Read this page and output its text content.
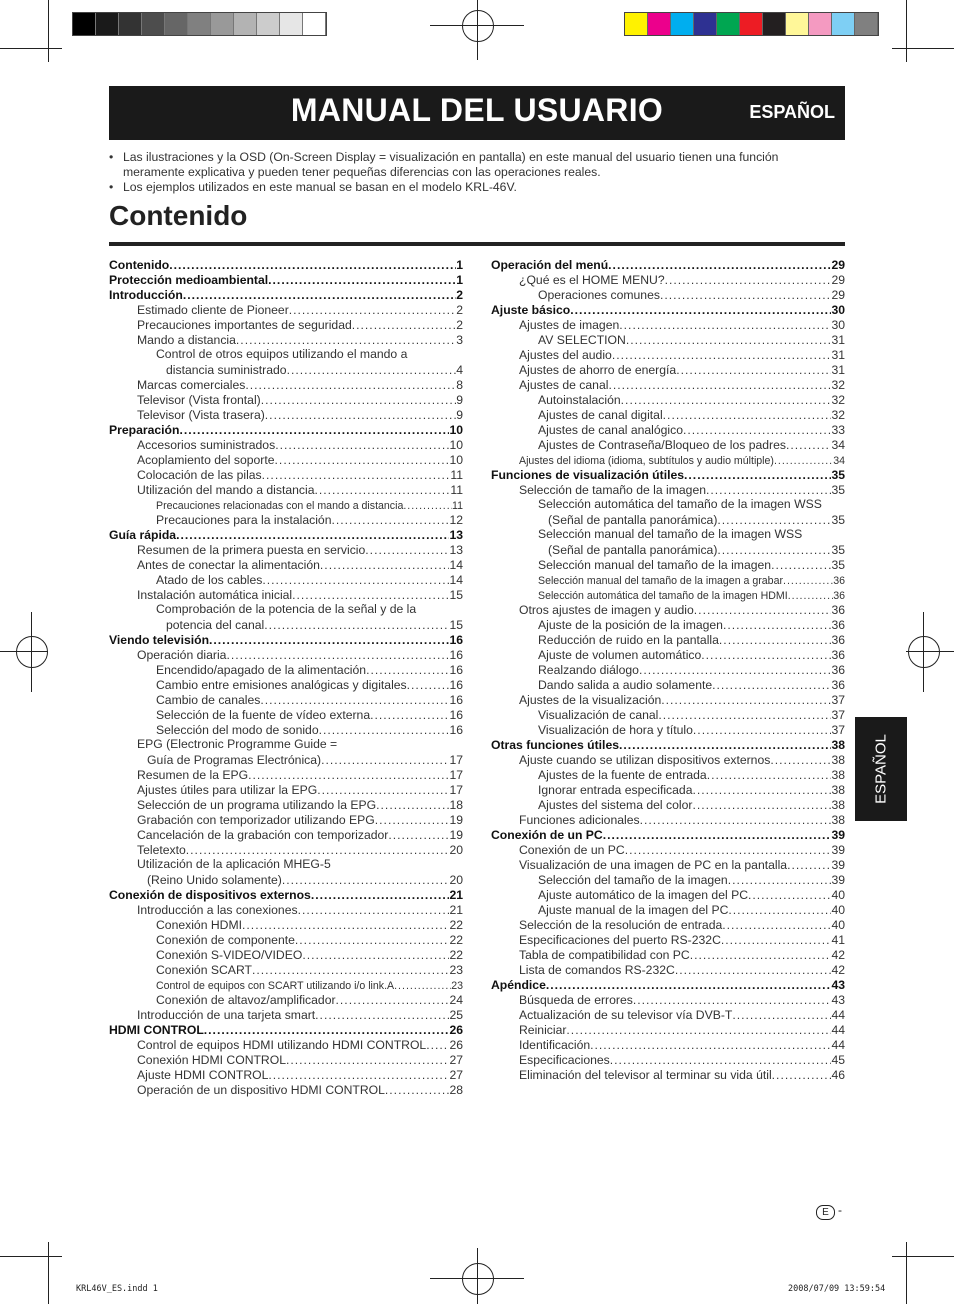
MANUAL DEL USUARIO	ESPAÑOL
• Las ilustraciones y la OSD (On-Screen Display = visualización en pantalla) en este manual del usuario tienen una función meramente explicativa y pueden tener pequeñas diferencias con las operaciones reales.
• Los ejemplos utilizados en este manual se basan en el modelo KRL-46V.
Contenido
Contenido .....	1
Protección medioambiental .....	1
Introducción .....	2
Estimado cliente de Pioneer .....	2
Precauciones importantes de seguridad .....	2
Mando a distancia .....	3
Control de otros equipos utilizando el mando a
distancia suministrado .....	4
Marcas comerciales .....	8
Televisor (Vista frontal) .....	9
Televisor (Vista trasera) .....	9
Preparación .....	10
Accesorios suministrados .....	10
Acoplamiento del soporte .....	10
Colocación de las pilas .....	11
Utilización del mando a distancia .....	11
Precauciones relacionadas con el mando a distancia .....	11
Precauciones para la instalación .....	12
Guía rápida .....	13
Resumen de la primera puesta en servicio .....	13
Antes de conectar la alimentación .....	14
Atado de los cables .....	14
Instalación automática inicial .....	15
Comprobación de la potencia de la señal y de la
potencia del canal .....	15
Viendo televisión .....	16
Operación diaria .....	16
Encendido/apagado de la alimentación .....	16
Cambio entre emisiones analógicas y digitales .....	16
Cambio de canales .....	16
Selección de la fuente de vídeo externa .....	16
Selección del modo de sonido .....	16
EPG (Electronic Programme Guide =
Guía de Programas Electrónica) .....	17
Resumen de la EPG .....	17
Ajustes útiles para utilizar la EPG .....	17
Selección de un programa utilizando la EPG .....	18
Grabación con temporizador utilizando EPG .....	19
Cancelación de la grabación con temporizador .....	19
Teletexto .....	20
Utilización de la aplicación MHEG-5
(Reino Unido solamente) .....	20
Conexión de dispositivos externos .....	21
Introducción a las conexiones .....	21
Conexión HDMI .....	22
Conexión de componente .....	22
Conexión S-VIDEO/VIDEO .....	22
Conexión SCART .....	23
Control de equipos con SCART utilizando i/o link.A .....	23
Conexión de altavoz/amplificador .....	24
Introducción de una tarjeta smart .....	25
HDMI CONTROL .....	26
Control de equipos HDMI utilizando HDMI CONTROL ..... 26
Conexión HDMI CONTROL .....	27
Ajuste HDMI CONTROL .....	27
Operación de un dispositivo HDMI CONTROL .....	28
Operación del menú .....	29
¿Qué es el HOME MENU? .....	29
Operaciones comunes .....	29
Ajuste básico .....	30
Ajustes de imagen .....	30
AV SELECTION .....	31
Ajustes del audio .....	31
Ajustes de ahorro de energía .....	31
Ajustes de canal .....	32
Autoinstalación .....	32
Ajustes de canal digital .....	32
Ajustes de canal analógico .....	33
Ajustes de Contraseña/Bloqueo de los padres .....	34
Ajustes del idioma (idioma, subtítulos y audio múltiple) .....	34
Funciones de visualización útiles .....	35
Selección de tamaño de la imagen .....	35
Selección automática del tamaño de la imagen WSS
(Señal de pantalla panorámica) .....	35
Selección manual del tamaño de la imagen WSS
(Señal de pantalla panorámica) .....	35
Selección manual del tamaño de la imagen .....	35
Selección manual del tamaño de la imagen a grabar .....	36
Selección automática del tamaño de la imagen HDMI .....	36
Otros ajustes de imagen y audio .....	36
Ajuste de la posición de la imagen .....	36
Reducción de ruido en la pantalla .....	36
Ajuste de volumen automático .....	36
Realzando diálogo .....	36
Dando salida a audio solamente .....	36
Ajustes de la visualización .....	37
Visualización de canal .....	37
Visualización de hora y título .....	37
Otras funciones útiles .....	38
Ajuste cuando se utilizan dispositivos externos .....	38
Ajustes de la fuente de entrada .....	38
Ignorar entrada especificada .....	38
Ajustes del sistema del color .....	38
Funciones adicionales .....	38
Conexión de un PC .....	39
Conexión de un PC .....	39
Visualización de una imagen de PC en la pantalla .....	39
Selección del tamaño de la imagen .....	39
Ajuste automático de la imagen del PC .....	40
Ajuste manual de la imagen del PC .....	40
Selección de la resolución de entrada .....	40
Especificaciones del puerto RS-232C .....	41
Tabla de compatibilidad con PC .....	42
Lista de comandos RS-232C .....	42
Apéndice .....	43
Búsqueda de errores .....	43
Actualización de su televisor vía DVB-T .....	44
Reiniciar .....	44
Identificación .....	44
Especificaciones .....	45
Eliminación del televisor al terminar su vida útil .....	46
ESPAÑOL
E -
KRL46V_ES.indd 1	2008/07/09 13:59:54
